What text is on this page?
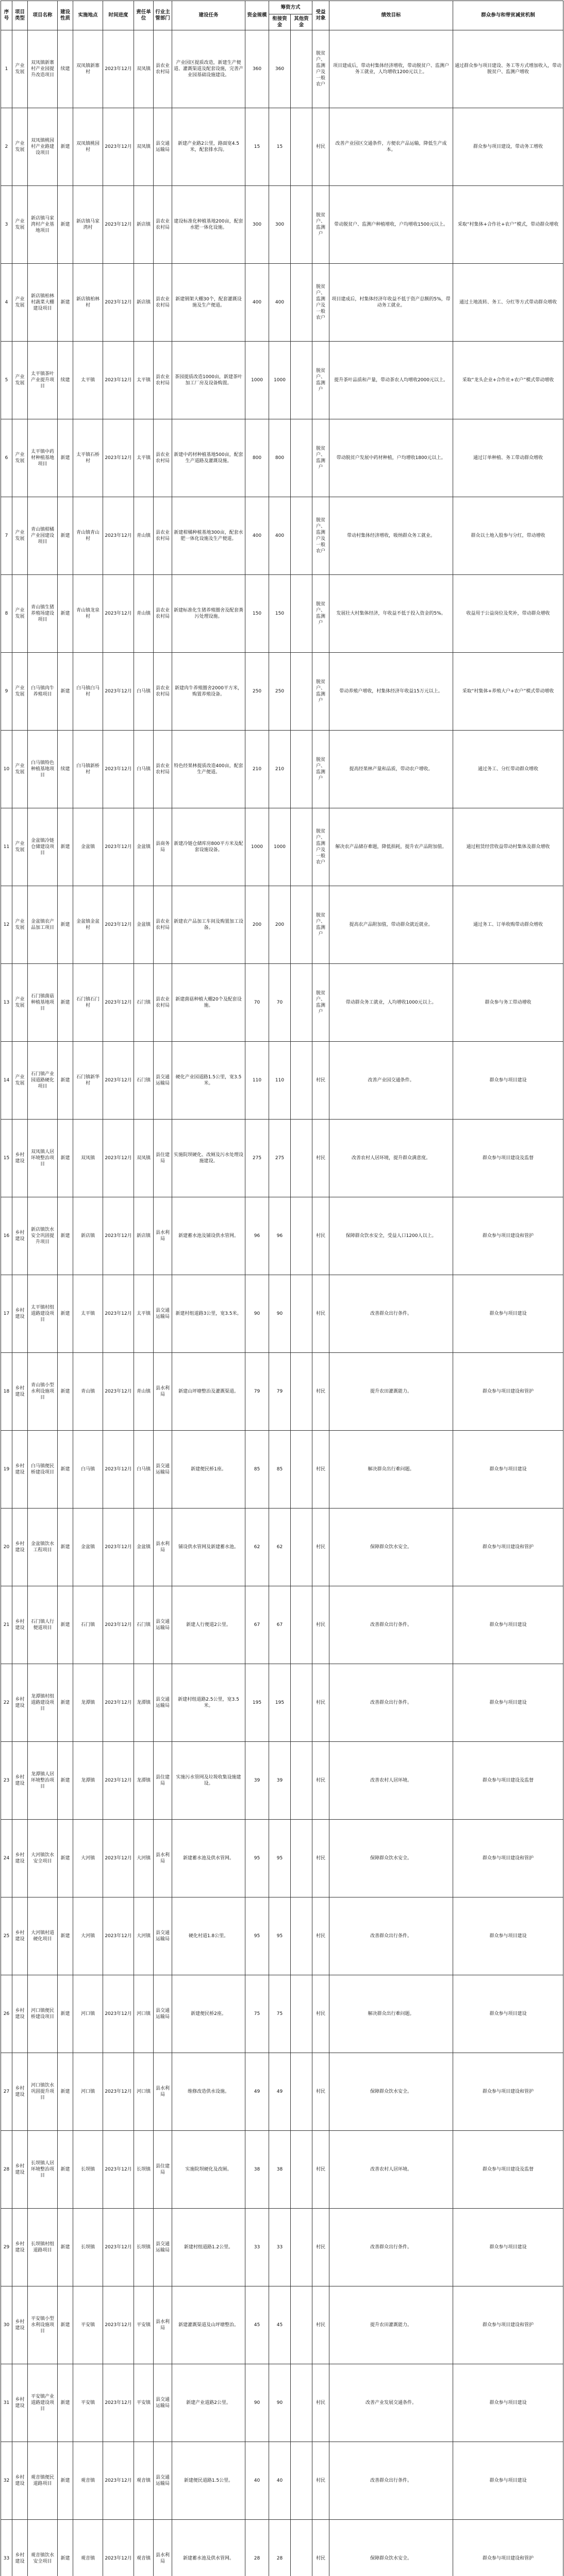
序号	项目类型	项目名称	建设性质	实施地点	时间进度	责任单位	行业主管部门	建设任务	资金规模	筹资方式		受益对象	绩效目标	群众参与和带贫减贫机制
										衔接资金	其他资金			
1	产业发展	双凤镇新寨村产业园提升改造项目	续建	双凤镇新寨村	2023年12月	双凤镇	县农业农村局	产业园区提质改造，新建生产便道、灌溉渠道及配套设施，完善产业园基础设施建设。	360	360		脱贫户、监测户及一般农户	项目建成后，带动村集体经济增收，带动脱贫户、监测户务工就业，人均增收1200元以上。	通过群众参与项目建设、务工等方式增加收入，带动脱贫户、监测户增收
2	产业发展	双凤镇桃园村产业路建设项目	新建	双凤镇桃园村	2023年12月	双凤镇	县交通运输局	新建产业路2公里，路面宽4.5米，配套排水沟。	15	15		村民	改善产业园区交通条件，方便农产品运输，降低生产成本。	群众参与项目建设，带动务工增收
3	产业发展	新店镇马家湾村产业基地项目	新建	新店镇马家湾村	2023年12月	新店镇	县农业农村局	建设标准化种植基地200亩，配套水肥一体化设施。	300	300		脱贫户、监测户	带动脱贫户、监测户种植增收，户均增收1500元以上。	采取“村集体+合作社+农户”模式，带动群众增收
4	产业发展	新店镇柏林村蔬菜大棚建设项目	新建	新店镇柏林村	2023年12月	新店镇	县农业农村局	新建钢架大棚30个，配套灌溉设施及生产便道。	400	400		脱贫户、监测户及一般农户	项目建成后，村集体经济年收益不低于资产总额的5%，带动务工就业。	通过土地流转、务工、分红等方式带动群众增收
5	产业发展	太平镇茶叶产业提升项目	续建	太平镇	2023年12月	太平镇	县农业农村局	茶园提质改造1000亩，新建茶叶加工厂房及设备购置。	1000	1000		脱贫户、监测户	提升茶叶品质和产量，带动茶农人均增收2000元以上。	采取“龙头企业+合作社+农户”模式带动增收
6	产业发展	太平镇中药材种植基地项目	新建	太平镇石桥村	2023年12月	太平镇	县农业农村局	新建中药材种植基地500亩，配套生产道路及灌溉设施。	800	800		脱贫户、监测户	带动脱贫户发展中药材种植，户均增收1800元以上。	通过订单种植、务工带动群众增收
7	产业发展	青山镇柑橘产业园建设项目	新建	青山镇青山村	2023年12月	青山镇	县农业农村局	新建柑橘种植基地300亩，配套水肥一体化设施及生产便道。	400	400		脱贫户、监测户及一般农户	带动村集体经济增收，吸纳群众务工就业。	群众以土地入股参与分红，带动增收
8	产业发展	青山镇生猪养殖场建设项目	新建	青山镇龙泉村	2023年12月	青山镇	县农业农村局	新建标准化生猪养殖圈舍及配套粪污处理设施。	150	150		脱贫户、监测户	发展壮大村集体经济，年收益不低于投入资金的5%。	收益用于公益岗位及奖补，带动群众增收
9	产业发展	白马镇肉牛养殖项目	新建	白马镇白马村	2023年12月	白马镇	县农业农村局	新建肉牛养殖圈舍2000平方米，购置养殖设备。	250	250		脱贫户、监测户	带动养殖户增收，村集体经济年收益15万元以上。	采取“村集体+养殖大户+农户”模式带动增收
10	产业发展	白马镇特色种植基地项目	续建	白马镇新桥村	2023年12月	白马镇	县农业农村局	特色经果林提质改造400亩，配套生产便道。	210	210		脱贫户、监测户	提高经果林产量和品质，带动农户增收。	通过务工、分红带动群众增收
11	产业发展	金盆镇冷链仓储建设项目	新建	金盆镇	2023年12月	金盆镇	县商务局	新建冷链仓储库房800平方米及配套设施设备。	1000	1000		脱贫户、监测户及一般农户	解决农产品储存难题，降低损耗，提升农产品附加值。	通过租赁经营收益带动村集体及群众增收
12	产业发展	金盆镇农产品加工项目	新建	金盆镇金盆村	2023年12月	金盆镇	县农业农村局	新建农产品加工车间及购置加工设备。	200	200		脱贫户、监测户	提高农产品附加值，带动群众就近就业。	通过务工、订单收购带动群众增收
13	产业发展	石门镇菌菇种植基地项目	新建	石门镇石门村	2023年12月	石门镇	县农业农村局	新建菌菇种植大棚20个及配套设施。	70	70		脱贫户、监测户	带动群众务工就业，人均增收1000元以上。	群众参与务工带动增收
14	产业发展	石门镇产业园道路硬化项目	新建	石门镇新华村	2023年12月	石门镇	县交通运输局	硬化产业园道路1.5公里，宽3.5米。	110	110		村民	改善产业园交通条件。	群众参与项目建设
15	乡村建设	双凤镇人居环境整治项目	新建	双凤镇	2023年12月	双凤镇	县住建局	实施院坝硬化、改厕及污水处理设施建设。	275	275		村民	改善农村人居环境，提升群众满意度。	群众参与项目建设及监督
16	乡村建设	新店镇饮水安全巩固提升项目	新建	新店镇	2023年12月	新店镇	县水利局	新建蓄水池及铺设供水管网。	96	96		村民	保障群众饮水安全，受益人口1200人以上。	群众参与项目建设和管护
17	乡村建设	太平镇村组道路建设项目	新建	太平镇	2023年12月	太平镇	县交通运输局	新建村组道路3公里，宽3.5米。	90	90		村民	改善群众出行条件。	群众参与项目建设
18	乡村建设	青山镇小型水利设施项目	新建	青山镇	2023年12月	青山镇	县水利局	新建山坪塘整治及灌溉渠道。	79	79		村民	提升农田灌溉能力。	群众参与项目建设和管护
19	乡村建设	白马镇便民桥建设项目	新建	白马镇	2023年12月	白马镇	县交通运输局	新建便民桥1座。	85	85		村民	解决群众出行难问题。	群众参与项目建设
20	乡村建设	金盆镇饮水工程项目	新建	金盆镇	2023年12月	金盆镇	县水利局	铺设供水管网及新建蓄水池。	62	62		村民	保障群众饮水安全。	群众参与项目建设和管护
21	乡村建设	石门镇人行便道项目	新建	石门镇	2023年12月	石门镇	县交通运输局	新建人行便道2公里。	67	67		村民	改善群众出行条件。	群众参与项目建设
22	乡村建设	龙潭镇村组道路建设项目	新建	龙潭镇	2023年12月	龙潭镇	县交通运输局	新建村组道路2.5公里，宽3.5米。	195	195		村民	改善群众出行条件。	群众参与项目建设
23	乡村建设	龙潭镇人居环境整治项目	新建	龙潭镇	2023年12月	龙潭镇	县住建局	实施污水管网及垃圾收集设施建设。	39	39		村民	改善农村人居环境。	群众参与项目建设及监督
24	乡村建设	大河镇饮水安全项目	新建	大河镇	2023年12月	大河镇	县水利局	新建蓄水池及供水管网。	95	95		村民	保障群众饮水安全。	群众参与项目建设和管护
25	乡村建设	大河镇村道硬化项目	新建	大河镇	2023年12月	大河镇	县交通运输局	硬化村道1.8公里。	95	95		村民	改善群众出行条件。	群众参与项目建设
26	乡村建设	河口镇便民桥建设项目	新建	河口镇	2023年12月	河口镇	县交通运输局	新建便民桥2座。	75	75		村民	解决群众出行难问题。	群众参与项目建设
27	乡村建设	河口镇饮水巩固提升项目	新建	河口镇	2023年12月	河口镇	县水利局	维修改造供水设施。	49	49		村民	保障群众饮水安全。	群众参与项目建设和管护
28	乡村建设	长坝镇人居环境整治项目	新建	长坝镇	2023年12月	长坝镇	县住建局	实施院坝硬化及改厕。	38	38		村民	改善农村人居环境。	群众参与项目建设及监督
29	乡村建设	长坝镇村组道路项目	新建	长坝镇	2023年12月	长坝镇	县交通运输局	新建村组道路1.2公里。	33	33		村民	改善群众出行条件。	群众参与项目建设
30	乡村建设	平安镇小型水利设施项目	新建	平安镇	2023年12月	平安镇	县水利局	新建灌溉渠道及山坪塘整治。	45	45		村民	提升农田灌溉能力。	群众参与项目建设和管护
31	乡村建设	平安镇产业道路建设项目	新建	平安镇	2023年12月	平安镇	县交通运输局	新建产业道路2公里。	90	90		村民	改善产业发展交通条件。	群众参与项目建设
32	乡村建设	观音镇便民道路项目	新建	观音镇	2023年12月	观音镇	县交通运输局	新建便民道路1.5公里。	40	40		村民	改善群众出行条件。	群众参与项目建设
33	乡村建设	观音镇饮水安全项目	新建	观音镇	2023年12月	观音镇	县水利局	新建蓄水池及供水管网。	28	28		村民	保障群众饮水安全。	群众参与项目建设和管护
